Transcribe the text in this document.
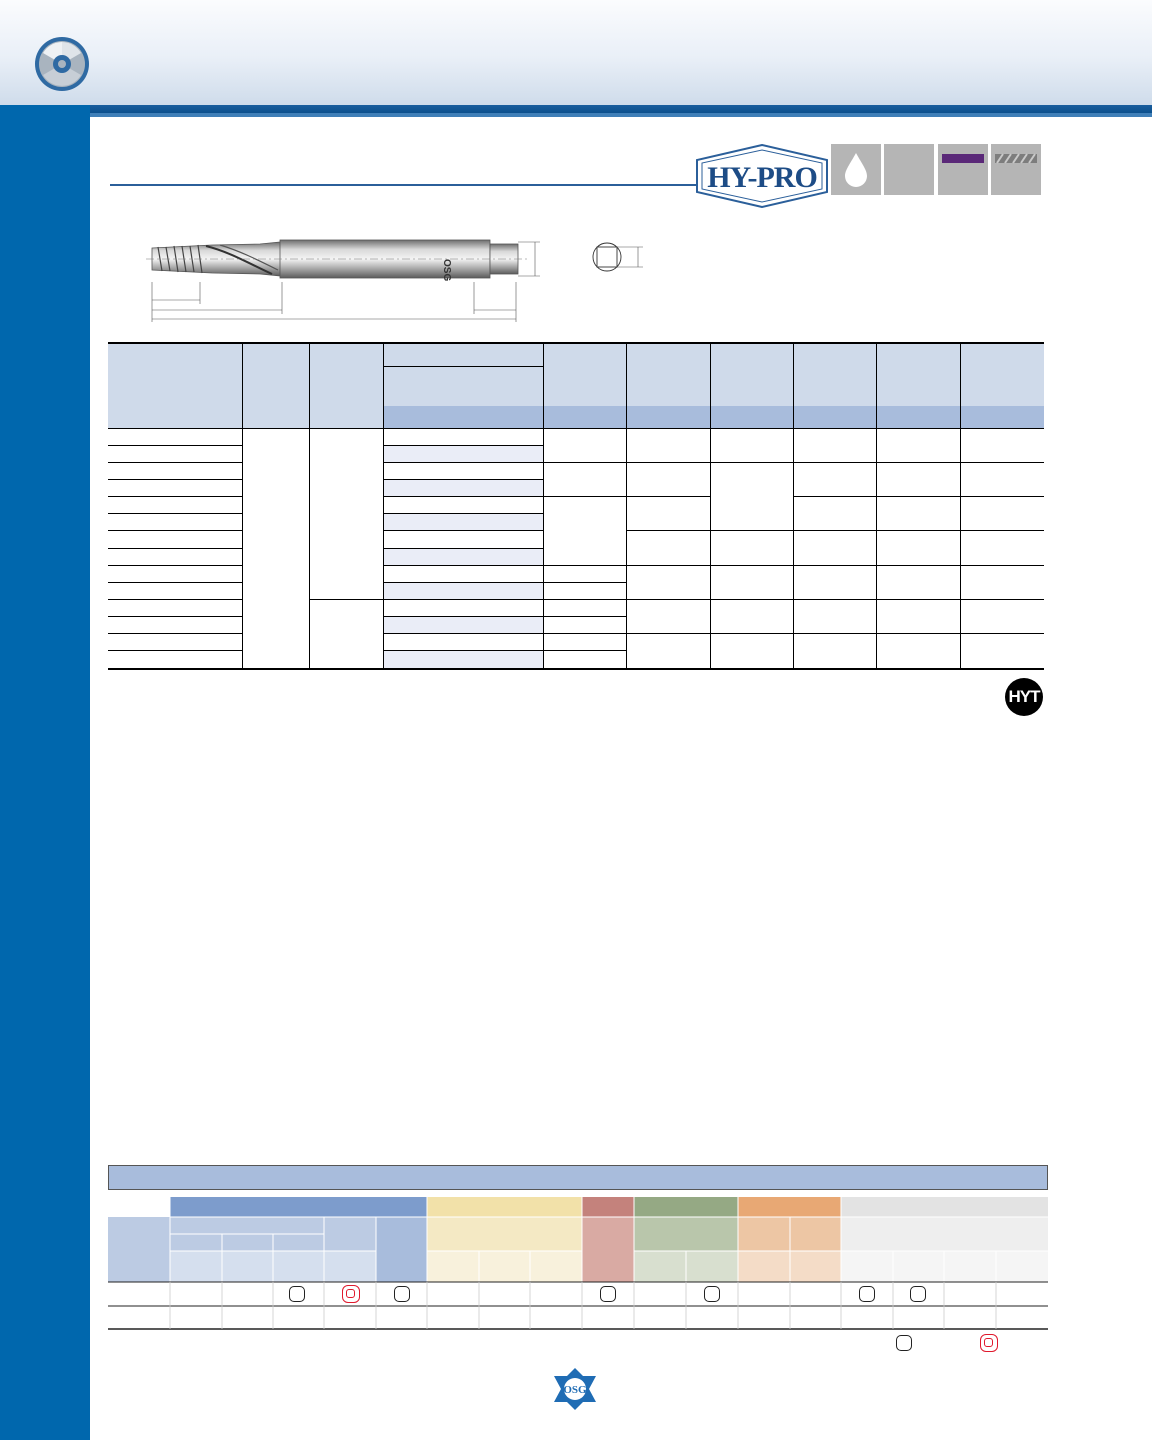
HY-PRO
OSG
HYT
OSG
